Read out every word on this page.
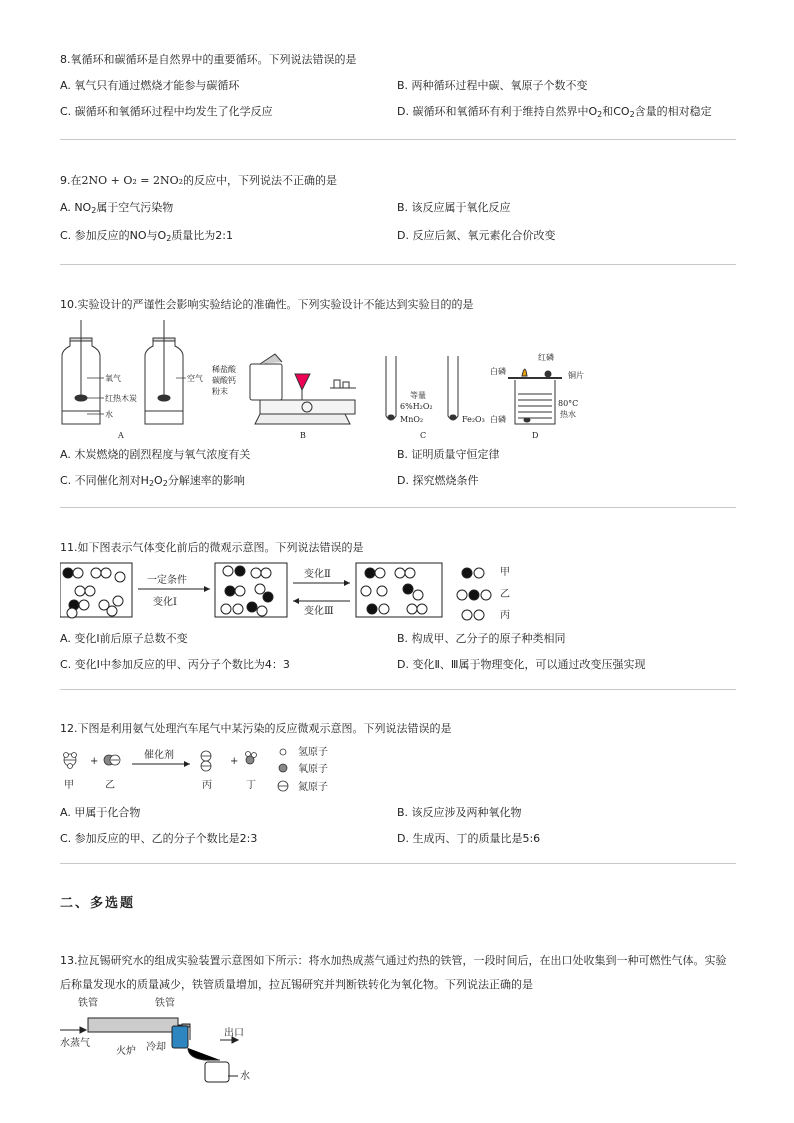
8.氧循环和碳循环是自然界中的重要循环。下列说法错误的是
A. 氧气只有通过燃烧才能参与碳循环	B. 两种循环过程中碳、氧原子个数不变
C. 碳循环和氧循环过程中均发生了化学反应	D. 碳循环和氧循环有利于维持自然界中$O_2$和$CO_2$含量的相对稳定
9.在2NO + O₂ = 2NO₂的反应中，下列说法不正确的是
A. $NO_2$属于空气污染物	B. 该反应属于氧化反应
C. 参加反应的NO与$O_2$质量比为2:1	D. 反应后氮、氧元素化合价改变
10.实验设计的严谨性会影响实验结论的准确性。下列实验设计不能达到实验目的的是
氧气
红热木炭
水
空气
A
稀盐酸
碳酸钙
粉末
B
等量
6%H₂O₂
MnO₂	Fe₂O₃
C
红磷
白磷	铜片
80°C
热水
白磷
D
A. 木炭燃烧的剧烈程度与氧气浓度有关	B. 证明质量守恒定律
C. 不同催化剂对$H_2O_2$分解速率的影响	D. 探究燃烧条件
11.如下图表示气体变化前后的微观示意图。下列说法错误的是
一定条件
变化Ⅰ
变化Ⅱ
变化Ⅲ
甲
乙
丙
A. 变化Ⅰ前后原子总数不变	B. 构成甲、乙分子的原子种类相同
C. 变化Ⅰ中参加反应的甲、丙分子个数比为4：3	D. 变化Ⅱ、Ⅲ属于物理变化，可以通过改变压强实现
12.下图是利用氨气处理汽车尾气中某污染的反应微观示意图。下列说法错误的是
+	+
催化剂
甲	乙	丙	丁
氢原子
氧原子
氮原子
A. 甲属于化合物	B. 该反应涉及两种氧化物
C. 参加反应的甲、乙的分子个数比是2:3	D. 生成丙、丁的质量比是5:6
二、多选题
13.拉瓦锡研究水的组成实验装置示意图如下所示：将水加热成蒸气通过灼热的铁管，一段时间后，在出口处收集到一种可燃性气体。实验
后称量发现水的质量减少，铁管质量增加，拉瓦锡研究并判断铁转化为氧化物。下列说法正确的是
铁管	铁管
出口
水蒸气
火炉 冷却
水
